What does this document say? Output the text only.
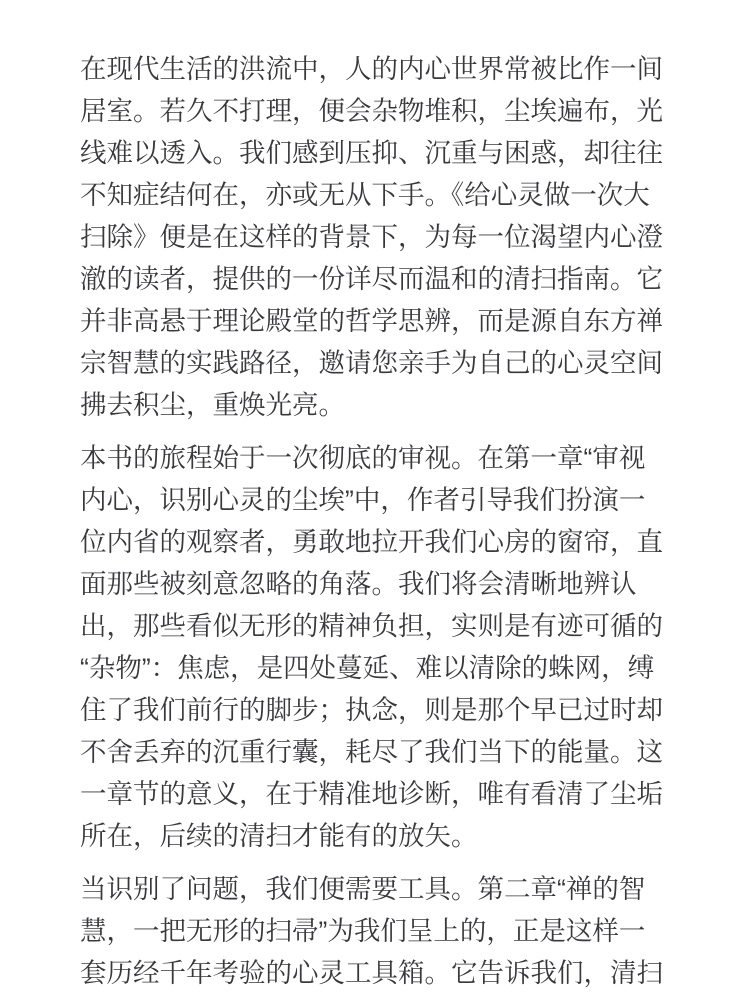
在现代生活的洪流中，人的内心世界常被比作一间居室。若久不打理，便会杂物堆积，尘埃遍布，光线难以透入。我们感到压抑、沉重与困惑，却往往不知症结何在，亦或无从下手。《给心灵做一次大扫除》便是在这样的背景下，为每一位渴望内心澄澈的读者，提供的一份详尽而温和的清扫指南。它并非高悬于理论殿堂的哲学思辨，而是源自东方禅宗智慧的实践路径，邀请您亲手为自己的心灵空间拂去积尘，重焕光亮。

本书的旅程始于一次彻底的审视。在第一章“审视内心，识别心灵的尘埃”中，作者引导我们扮演一位内省的观察者，勇敢地拉开我们心房的窗帘，直面那些被刻意忽略的角落。我们将会清晰地辨认出，那些看似无形的精神负担，实则是有迹可循的“杂物”：焦虑，是四处蔓延、难以清除的蛛网，缚住了我们前行的脚步；执念，则是那个早已过时却不舍丢弃的沉重行囊，耗尽了我们当下的能量。这一章节的意义，在于精准地诊断，唯有看清了尘垢所在，后续的清扫才能有的放矢。

当识别了问题，我们便需要工具。第二章“禅的智慧，一把无形的扫帚”为我们呈上的，正是这样一套历经千年考验的心灵工具箱。它告诉我们，清扫
